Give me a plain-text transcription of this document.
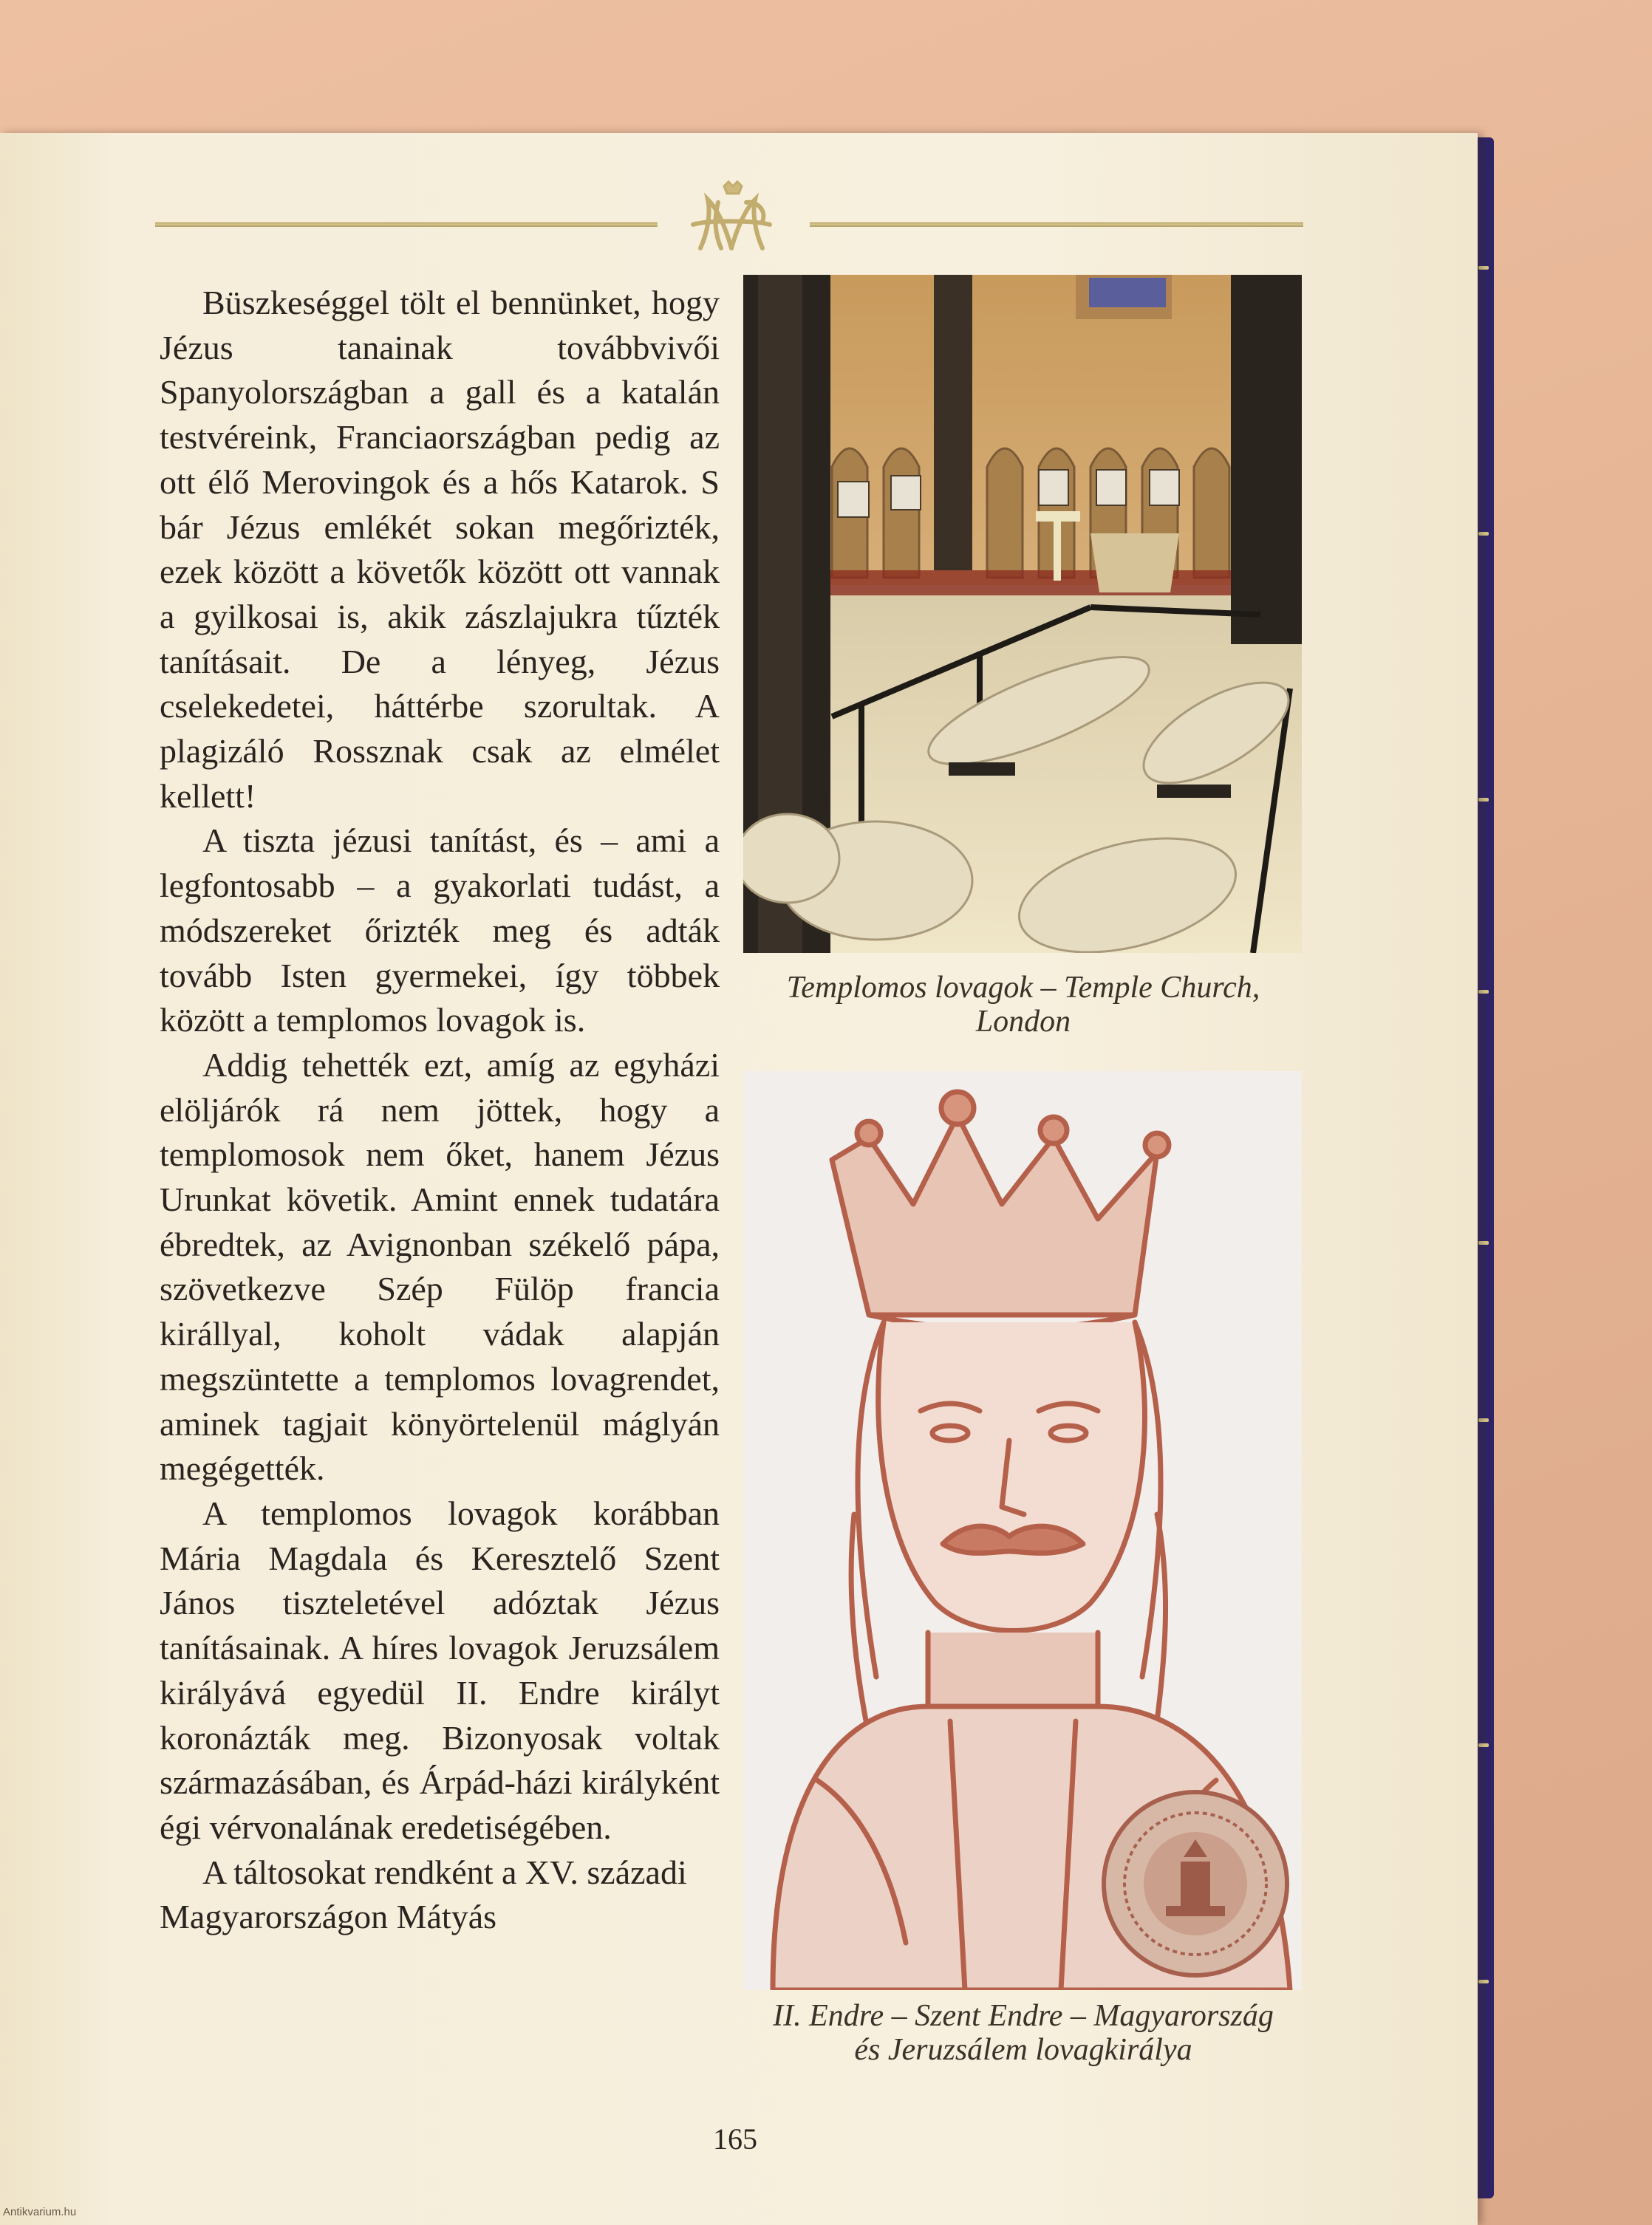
Büszkeséggel tölt el bennünket, hogy Jézus tanainak továbbvivői Spanyolországban a gall és a katalán testvéreink, Franciaországban pedig az ott élő Merovingok és a hős Katarok. S bár Jézus emlékét sokan megőrizték, ezek között a követők között ott vannak a gyilkosai is, akik zászlajukra tűzték tanításait. De a lényeg, Jézus cselekedetei, háttérbe szorultak. A plagizáló Rossznak csak az elmélet kellett!

A tiszta jézusi tanítást, és – ami a legfontosabb – a gyakorlati tudást, a módszereket őrizték meg és adták tovább Isten gyermekei, így többek között a templomos lovagok is.

Addig tehették ezt, amíg az egyházi elöljárók rá nem jöttek, hogy a templomosok nem őket, hanem Jézus Urunkat követik. Amint ennek tudatára ébredtek, az Avignonban székelő pápa, szövetkezve Szép Fülöp francia királlyal, koholt vádak alapján megszüntette a templomos lovagrendet, aminek tagjait könyörtelenül máglyán megégették.

A templomos lovagok korábban Mária Magdala és Keresztelő Szent János tiszteletével adóztak Jézus tanításainak. A híres lovagok Jeruzsálem királyává egyedül II. Endre királyt koronázták meg. Bizonyosak voltak származásában, és Árpád-házi királyként égi vérvonalának eredetiségében.

A táltosokat rendként a XV. századi Magyarországon Mátyás

Templomos lovagok – Temple Church,
London
II. Endre – Szent Endre – Magyarország
és Jeruzsálem lovagkirálya
165
Antikvarium.hu
